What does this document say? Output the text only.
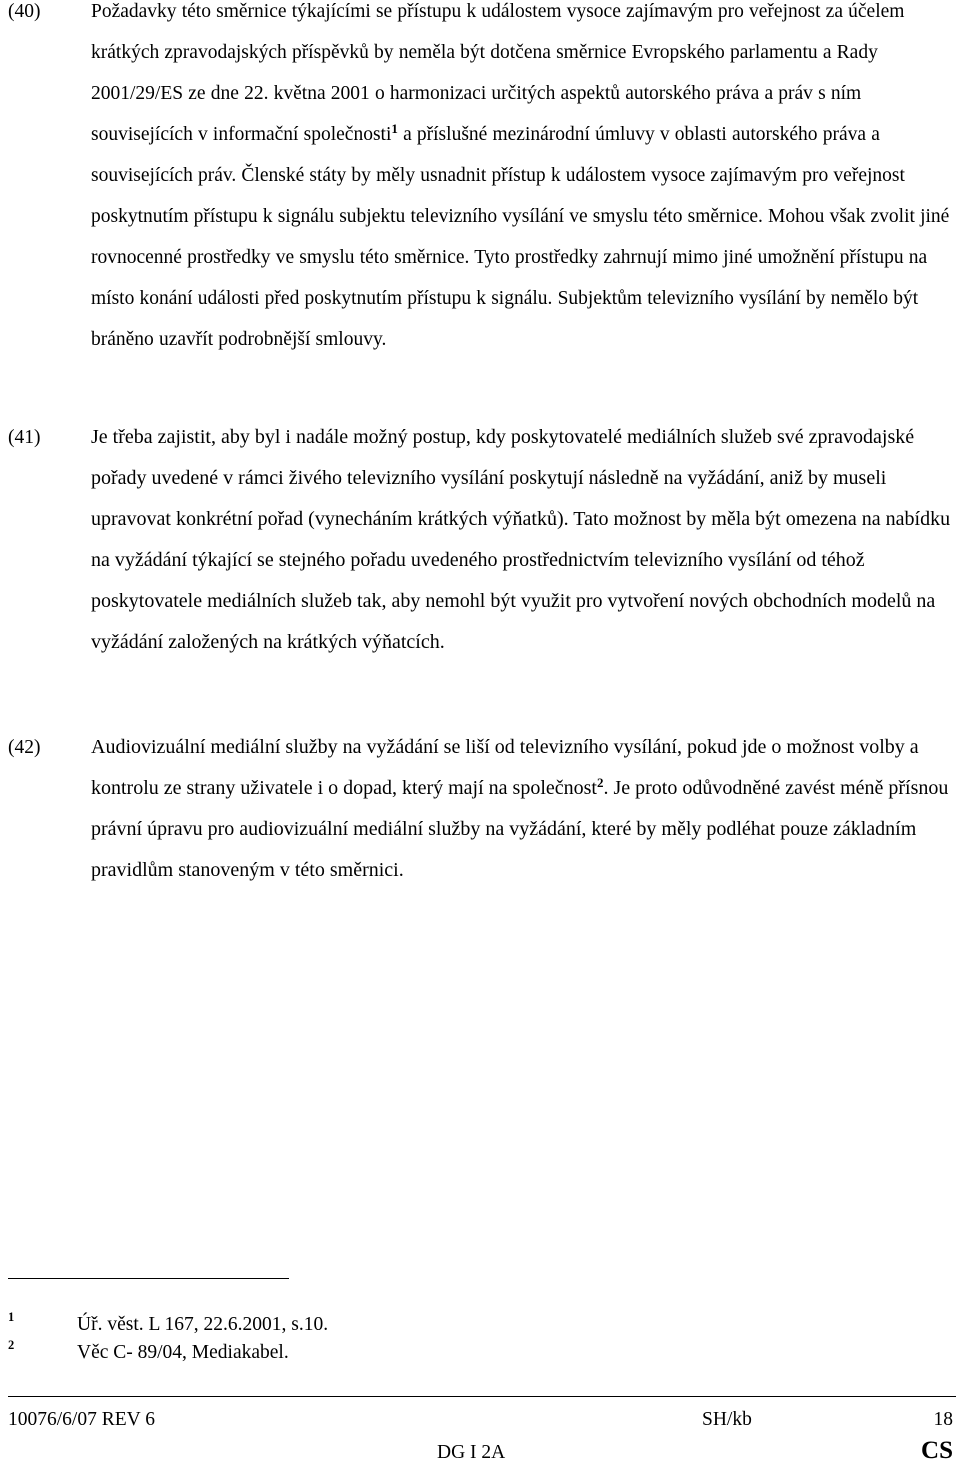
(40)	Požadavky této směrnice týkajícími se přístupu k událostem vysoce zajímavým pro veřejnost za účelem krátkých zpravodajských příspěvků by neměla být dotčena směrnice Evropského parlamentu a Rady 2001/29/ES ze dne 22. května 2001 o harmonizaci určitých aspektů autorského práva a práv s ním souvisejících v informační společnosti$^1$ a příslušné mezinárodní úmluvy v oblasti autorského práva a souvisejících práv. Členské státy by měly usnadnit přístup k událostem vysoce zajímavým pro veřejnost poskytnutím přístupu k signálu subjektu televizního vysílání ve smyslu této směrnice. Mohou však zvolit jiné rovnocenné prostředky ve smyslu této směrnice. Tyto prostředky zahrnují mimo jiné umožnění přístupu na místo konání události před poskytnutím přístupu k signálu. Subjektům televizního vysílání by nemělo být bráněno uzavřít podrobnější smlouvy.

(41)	Je třeba zajistit, aby byl i nadále možný postup, kdy poskytovatelé mediálních služeb své zpravodajské pořady uvedené v rámci živého televizního vysílání poskytují následně na vyžádání, aniž by museli upravovat konkrétní pořad (vynecháním krátkých výňatků). Tato možnost by měla být omezena na nabídku na vyžádání týkající se stejného pořadu uvedeného prostřednictvím televizního vysílání od téhož poskytovatele mediálních služeb tak, aby nemohl být využit pro vytvoření nových obchodních modelů na vyžádání založených na krátkých výňatcích.

(42)	Audiovizuální mediální služby na vyžádání se liší od televizního vysílání, pokud jde o možnost volby a kontrolu ze strany uživatele i o dopad, který mají na společnost$^2$. Je proto odůvodněné zavést méně přísnou právní úpravu pro audiovizuální mediální služby na vyžádání, které by měly podléhat pouze základním pravidlům stanoveným v této směrnici.

1	Úř. věst. L 167, 22.6.2001, s.10.
2	Věc C- 89/04, Mediakabel.
10076/6/07 REV 6	SH/kb	18
DG I 2A	CS
